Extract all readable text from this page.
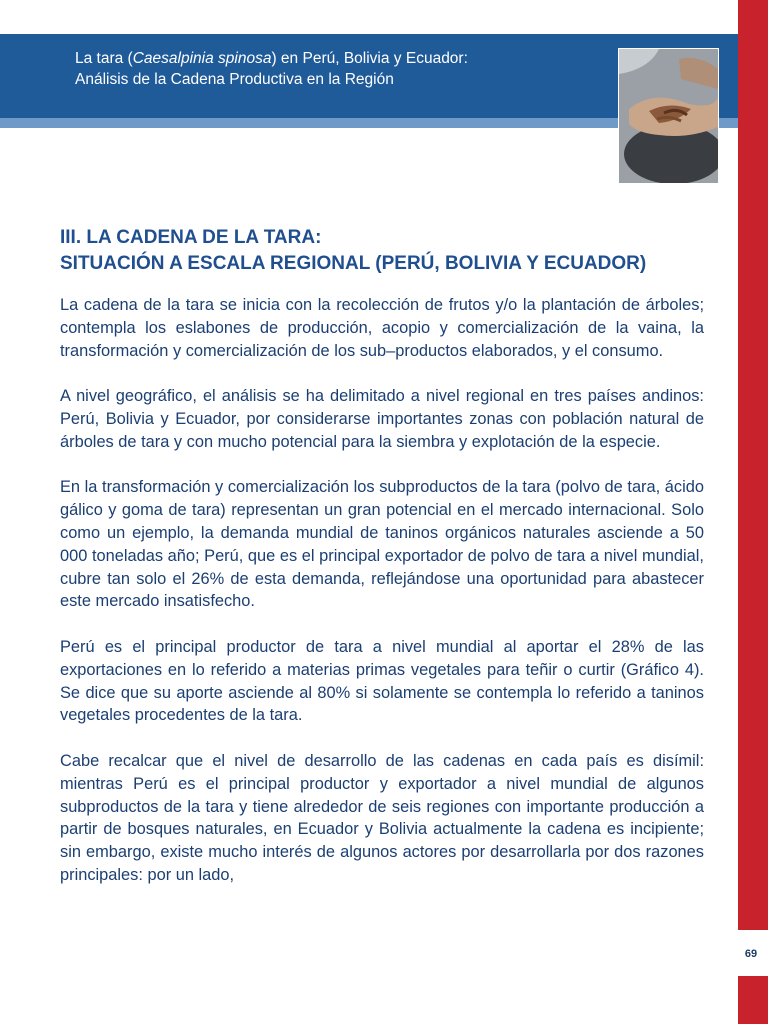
La tara (Caesalpinia spinosa) en Perú, Bolivia y Ecuador:
Análisis de la Cadena Productiva en la Región
69
III. LA CADENA DE LA TARA:
SITUACIÓN A ESCALA REGIONAL (PERÚ, BOLIVIA Y ECUADOR)

La cadena de la tara se inicia con la recolección de frutos y/o la plantación de árboles; contempla los eslabones de producción, acopio y comercialización de la vaina, la transformación y comercialización de los sub–productos elaborados, y el consumo.

A nivel geográfico, el análisis se ha delimitado a nivel regional en tres países andinos: Perú, Bolivia y Ecuador, por considerarse importantes zonas con población natural de árboles de tara y con mucho potencial para la siembra y explotación de la especie.

En la transformación y comercialización los subproductos de la tara (polvo de tara, ácido gálico y goma de tara) representan un gran potencial en el mercado internacional. Solo como un ejemplo, la demanda mundial de taninos orgánicos naturales asciende a 50 000 toneladas año; Perú, que es el principal exportador de polvo de tara a nivel mundial, cubre tan solo el 26% de esta demanda, reflejándose una oportunidad para abastecer este mercado insatisfecho.

Perú es el principal productor de tara a nivel mundial al aportar el 28% de las exportaciones en lo referido a materias primas vegetales para teñir o curtir (Gráfico 4). Se dice que su aporte asciende al 80% si solamente se contempla lo referido a taninos vegetales procedentes de la tara.

Cabe recalcar que el nivel de desarrollo de las cadenas en cada país es disímil: mientras Perú es el principal productor y exportador a nivel mundial de algunos subproductos de la tara y tiene alrededor de seis regiones con importante producción a partir de bosques naturales, en Ecuador y Bolivia actualmente la cadena es incipiente; sin embargo, existe mucho interés de algunos actores por desarrollarla por dos razones principales: por un lado,
